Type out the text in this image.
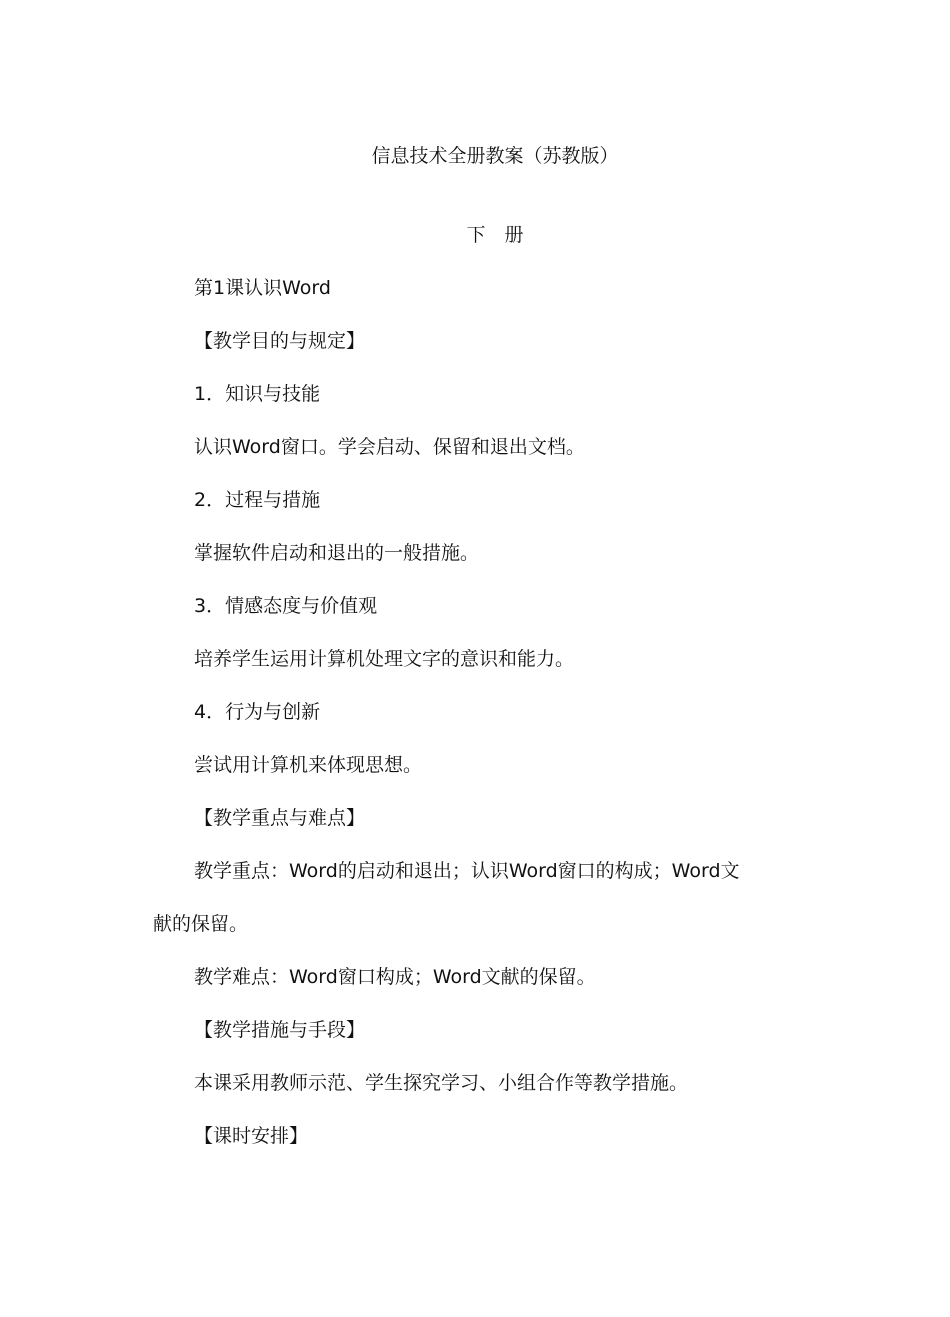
信息技术全册教案（苏教版）
下　册
第1课认识Word
【教学目的与规定】
1．知识与技能
认识Word窗口。学会启动、保留和退出文档。
2．过程与措施
掌握软件启动和退出的一般措施。
3．情感态度与价值观
培养学生运用计算机处理文字的意识和能力。
4．行为与创新
尝试用计算机来体现思想。
【教学重点与难点】
教学重点：Word的启动和退出；认识Word窗口的构成；Word文
献的保留。
教学难点：Word窗口构成；Word文献的保留。
【教学措施与手段】
本课采用教师示范、学生探究学习、小组合作等教学措施。
【课时安排】
